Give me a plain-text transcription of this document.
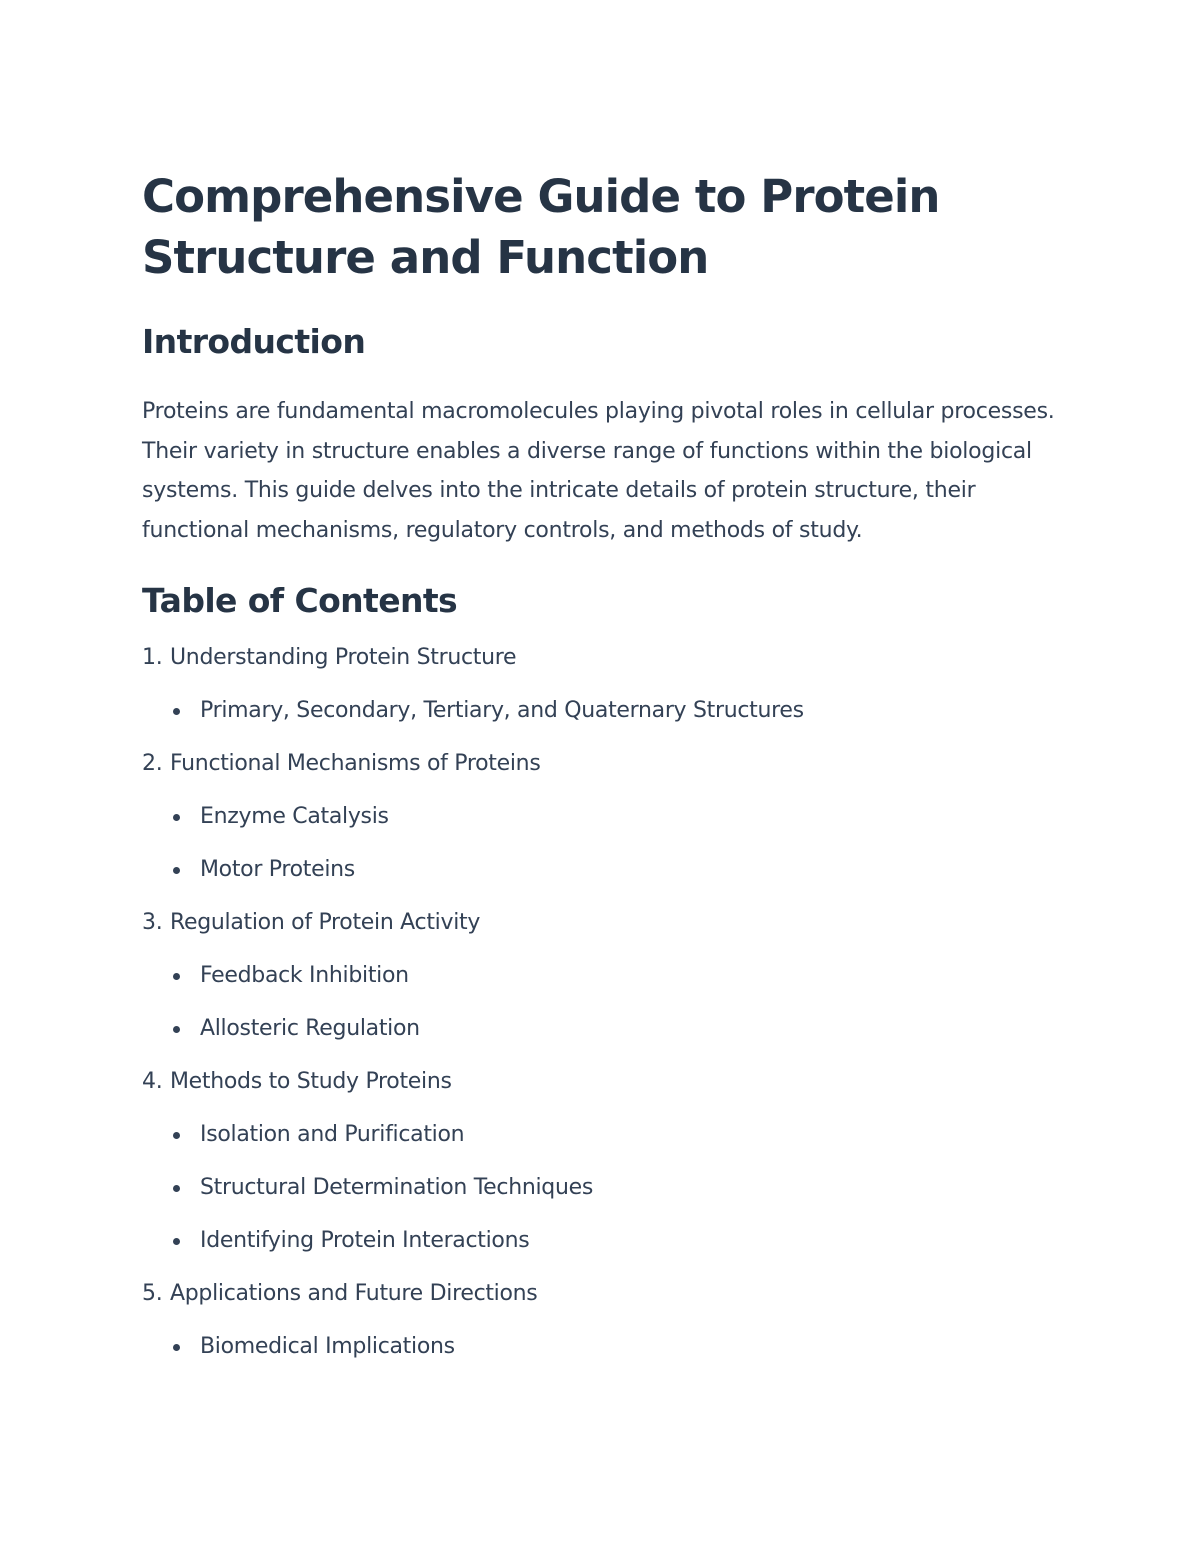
Comprehensive Guide to Protein Structure and Function
Introduction

Proteins are fundamental macromolecules playing pivotal roles in cellular processes. Their variety in structure enables a diverse range of functions within the biological systems. This guide delves into the intricate details of protein structure, their functional mechanisms, regulatory controls, and methods of study.

Table of Contents
1. Understanding Protein Structure
Primary, Secondary, Tertiary, and Quaternary Structures
2. Functional Mechanisms of Proteins
Enzyme Catalysis
Motor Proteins
3. Regulation of Protein Activity
Feedback Inhibition
Allosteric Regulation
4. Methods to Study Proteins
Isolation and Purification
Structural Determination Techniques
Identifying Protein Interactions
5. Applications and Future Directions
Biomedical Implications
